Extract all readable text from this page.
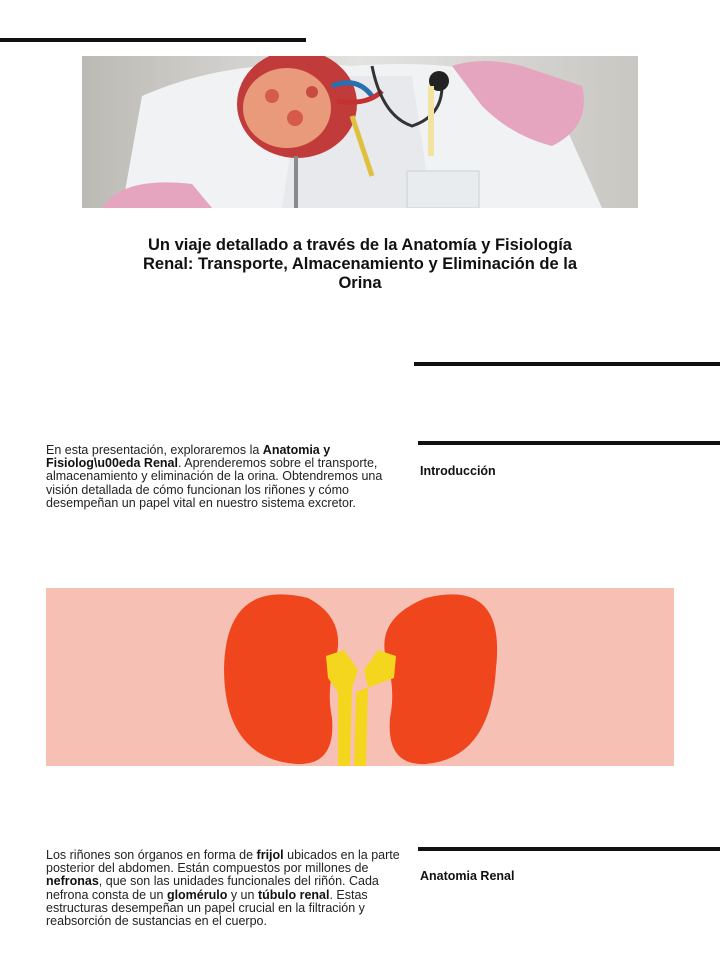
Un viaje detallado a través de la Anatomía y Fisiología Renal: Transporte, Almacenamiento y Eliminación de la Orina
Introducción
En esta presentación, exploraremos la Anatomia y Fisiolog\u00eda Renal. Aprenderemos sobre el transporte, almacenamiento y eliminación de la orina. Obtendremos una visión detallada de cómo funcionan los riñones y cómo desempeñan un papel vital en nuestro sistema excretor.
Anatomia Renal
Los riñones son órganos en forma de frijol ubicados en la parte posterior del abdomen. Están compuestos por millones de nefronas, que son las unidades funcionales del riñón. Cada nefrona consta de un glomérulo y un túbulo renal. Estas estructuras desempeñan un papel crucial en la filtración y reabsorción de sustancias en el cuerpo.
